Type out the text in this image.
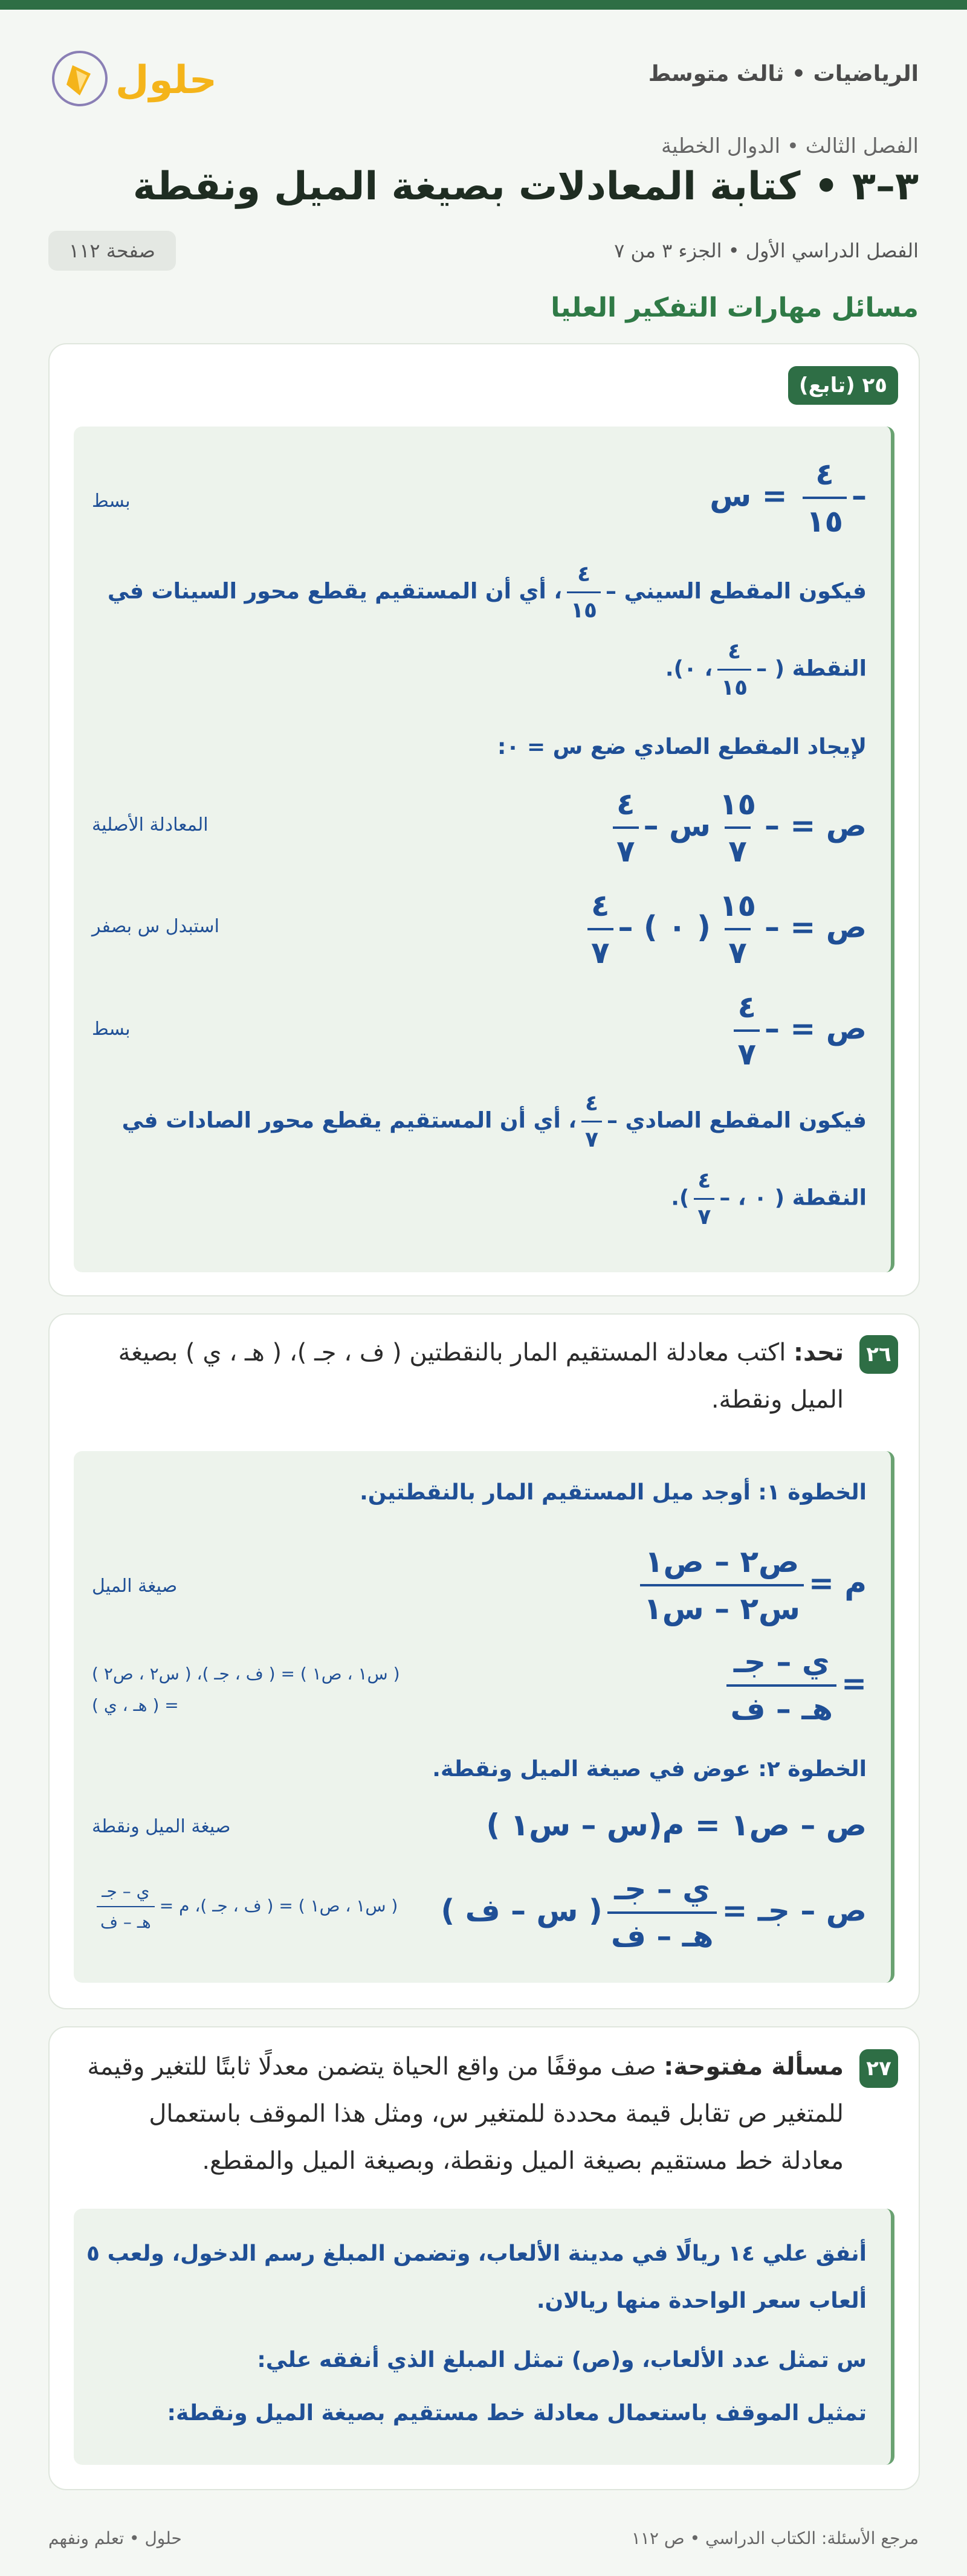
الرياضيات • ثالث متوسط
حلول
الفصل الثالث • الدوال الخطية
٣–٣ • كتابة المعادلات بصيغة الميل ونقطة
الفصل الدراسي الأول • الجزء ٣ من ٧
صفحة ١١٢
مسائل مهارات التفكير العليا
٢٥ (تابع)
–
$\frac{٤}{١٥}$
= س
بسط
فيكون المقطع السيني –
$\frac{٤}{١٥}$
، أي أن المستقيم يقطع محور السينات في
النقطة ( –
$\frac{٤}{١٥}$
، ٠).
لإيجاد المقطع الصادي ضع س = ٠:
ص = –
$\frac{١٥}{٧}$
س –
$\frac{٤}{٧}$
المعادلة الأصلية
ص = –
$\frac{١٥}{٧}$
( ٠ ) –
$\frac{٤}{٧}$
استبدل س بصفر
ص = –
$\frac{٤}{٧}$
بسط
فيكون المقطع الصادي –
$\frac{٤}{٧}$
، أي أن المستقيم يقطع محور الصادات في
النقطة ( ٠ ، –
$\frac{٤}{٧}$
).
٢٦
تحد: اكتب معادلة المستقيم المار بالنقطتين ( ف ، جـ )، ( هـ ، ي ) بصيغة
الميل ونقطة.
الخطوة ١: أوجد ميل المستقيم المار بالنقطتين.
م =
$\frac{\text{ص٢ – ص١}}{\text{س٢ – س١}}$
صيغة الميل
=
$\frac{\text{ي – جـ}}{\text{هـ – ف}}$
( س١ ، ص١ ) = ( ف ، جـ )، ( س٢ ، ص٢ )
= ( هـ ، ي )
الخطوة ٢: عوض في صيغة الميل ونقطة.
ص – ص١ = م(س – س١ )
صيغة الميل ونقطة
ص – جـ =
$\frac{\text{ي – جـ}}{\text{هـ – ف}}$
( س – ف )
( س١ ، ص١ ) = ( ف ، جـ )، م =
$\frac{\text{ي – جـ}}{\text{هـ – ف}}$
٢٧
مسألة مفتوحة: صف موقفًا من واقع الحياة يتضمن معدلًا ثابتًا للتغير وقيمة
للمتغير ص تقابل قيمة محددة للمتغير س، ومثل هذا الموقف باستعمال
معادلة خط مستقيم بصيغة الميل ونقطة، وبصيغة الميل والمقطع.
أنفق علي ١٤ ريالًا في مدينة الألعاب، وتضمن المبلغ رسم الدخول، ولعب ٥
ألعاب سعر الواحدة منها ريالان.
س تمثل عدد الألعاب، و(ص) تمثل المبلغ الذي أنفقه علي:
تمثيل الموقف باستعمال معادلة خط مستقيم بصيغة الميل ونقطة:
مرجع الأسئلة: الكتاب الدراسي • ص ١١٢
حلول • تعلم ونفهم
